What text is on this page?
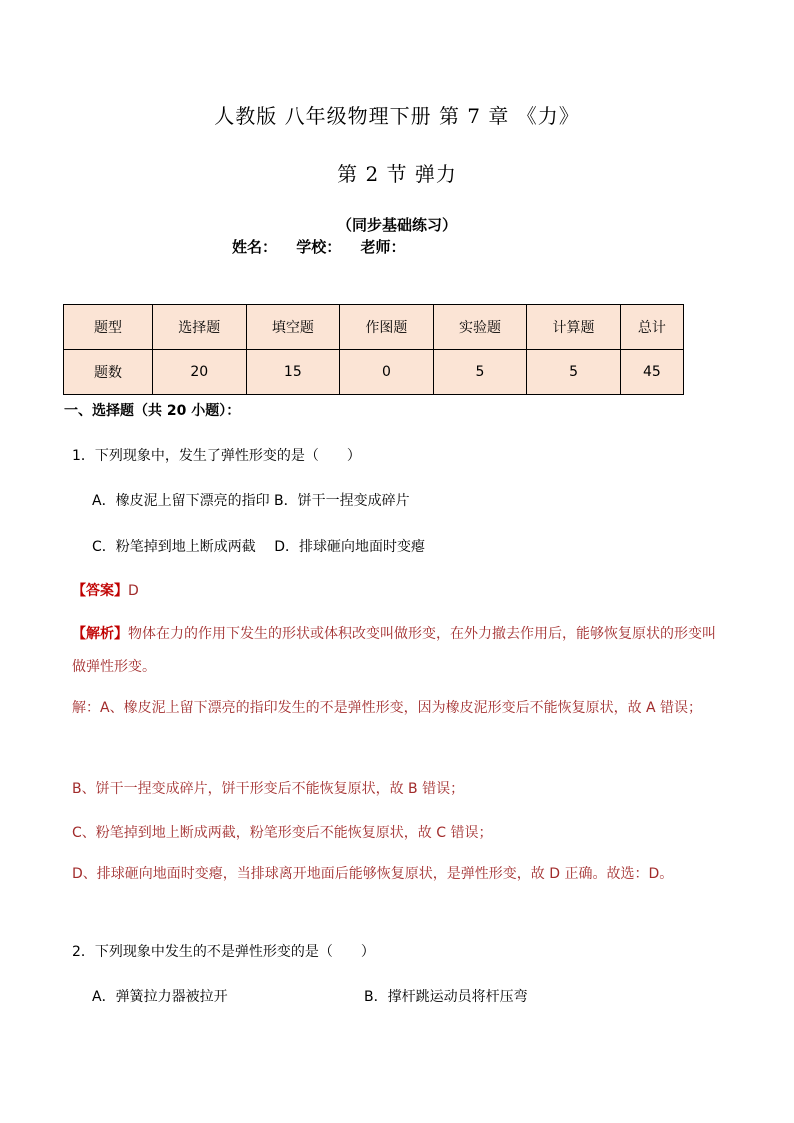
人教版 八年级物理下册 第 7 章 《力》
第 2 节 弹力
（同步基础练习）
姓名： 学校： 老师：
题型	选择题	填空题	作图题	实验题	计算题	总计
题数	20	15	0	5	5	45
一、选择题（共 20 小题）：
1．下列现象中，发生了弹性形变的是（　　）
A．橡皮泥上留下漂亮的指印 B．饼干一捏变成碎片
C．粉笔掉到地上断成两截　 D．排球砸向地面时变瘪
【答案】D
【解析】物体在力的作用下发生的形状或体积改变叫做形变，在外力撤去作用后，能够恢复原状的形变叫做弹性形变。
解：A、橡皮泥上留下漂亮的指印发生的不是弹性形变，因为橡皮泥形变后不能恢复原状，故 A 错误；
B、饼干一捏变成碎片，饼干形变后不能恢复原状，故 B 错误；
C、粉笔掉到地上断成两截，粉笔形变后不能恢复原状，故 C 错误；
D、排球砸向地面时变瘪，当排球离开地面后能够恢复原状，是弹性形变，故 D 正确。故选：D。
2．下列现象中发生的不是弹性形变的是（　　）
A．弹簧拉力器被拉开	B．撑杆跳运动员将杆压弯
